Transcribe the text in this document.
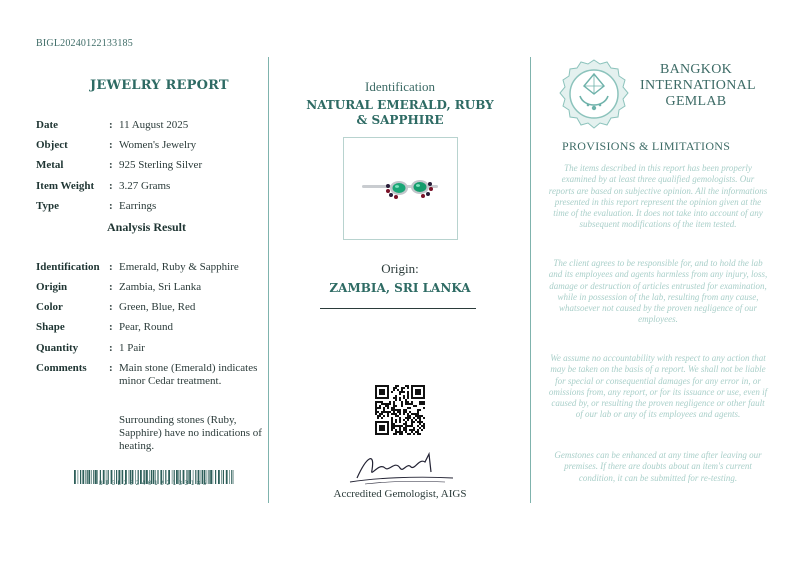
BIGL20240122133185
JEWELRY REPORT
Date	: 11 August 2025
Object	: Women's Jewelry
Metal	: 925 Sterling Silver
Item Weight : 3.27 Grams
Type	: Earrings
Analysis Result
Identification : Emerald, Ruby & Sapphire
Origin	: Zambia, Sri Lanka
Color	: Green, Blue, Red
Shape	: Pear, Round
Quantity	: 1 Pair
Comments : Main stone (Emerald) indicates minor Cedar treatment.
Surrounding stones (Ruby, Sapphire) have no indications of heating.
BIGL20240122133185
Identification
NATURAL EMERALD, RUBY & SAPPHIRE
Origin:
ZAMBIA, SRI LANKA
Accredited Gemologist, AIGS
BANGKOK
INTERNATIONAL
GEMLAB
PROVISIONS & LIMITATIONS
The items described in this report has been properly examined by at least three qualified gemologists. Our reports are based on subjective opinion. All the informations presented in this report represent the opinion given at the time of the evaluation. It does not take into account of any subsequent modifications of the item tested.
The client agrees to be responsible for, and to hold the lab and its employees and agents harmless from any injury, loss, damage or destruction of articles entrusted for examination, while in possession of the lab, resulting from any cause, whatsoever not caused by the proven negligence of our employees.
We assume no accountability with respect to any action that may be taken on the basis of a report. We shall not be liable for special or consequential damages for any error in, or omissions from, any report, or for its issuance or use, even if caused by, or resulting the proven negligence or other fault of our lab or any of its employees and agents.
Gemstones can be enhanced at any time after leaving our premises. If there are doubts about an item's current condition, it can be submitted for re-testing.
